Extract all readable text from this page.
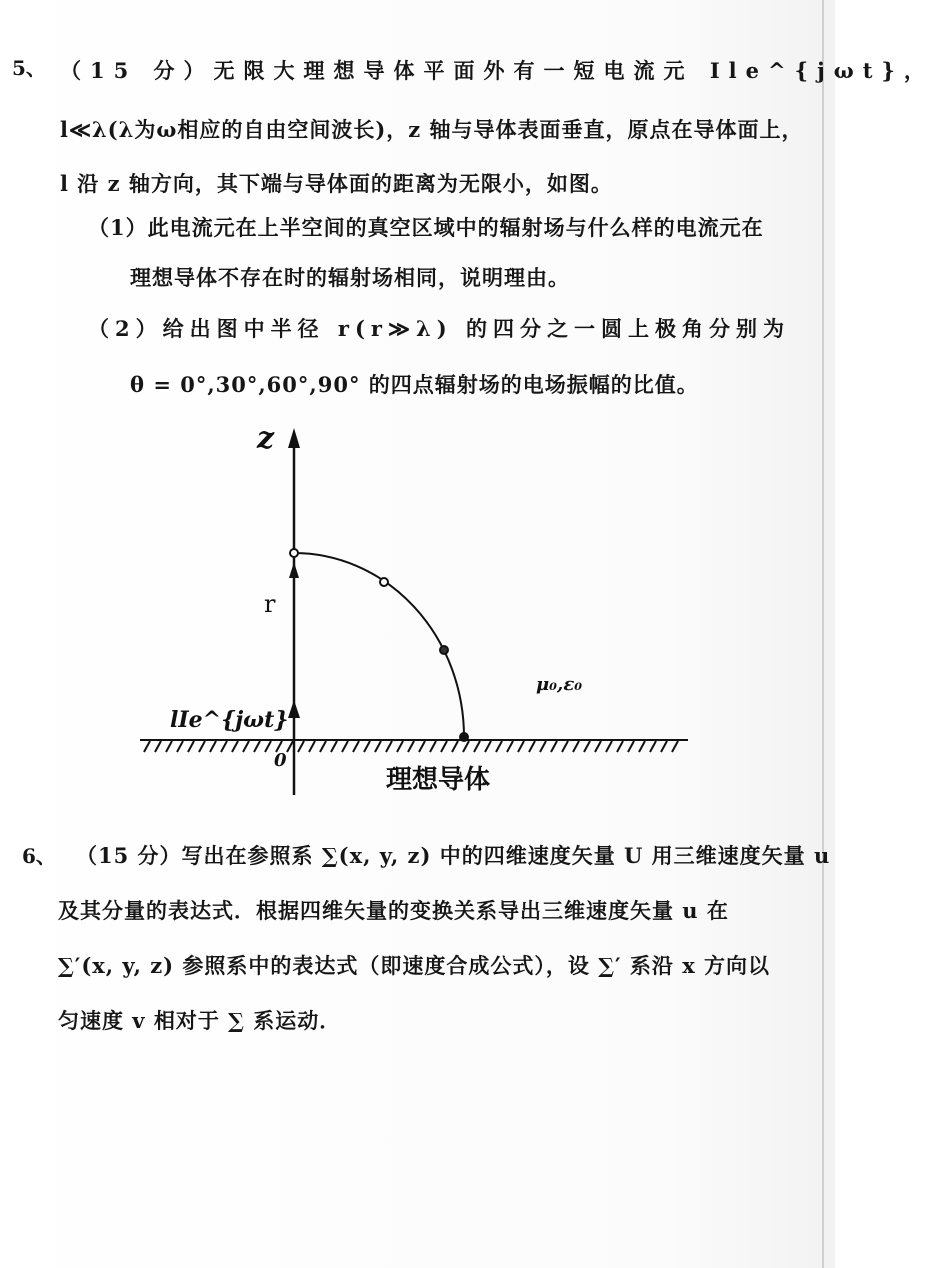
5、 （15 分）无限大理想导体平面外有一短电流元 Ile^{jωt}，
l≪λ(λ为ω相应的自由空间波长)，z 轴与导体表面垂直，原点在导体面上，
l 沿 z 轴方向，其下端与导体面的距离为无限小，如图。
（1）此电流元在上半空间的真空区域中的辐射场与什么样的电流元在
理想导体不存在时的辐射场相同，说明理由。
（2）给出图中半径 r(r≫λ) 的四分之一圆上极角分别为
θ = 0°,30°,60°,90° 的四点辐射场的电场振幅的比值。
z
r
lIe^{jωt}
0
μ₀,ε₀
理想导体
6、 （15 分）写出在参照系 ∑(x, y, z) 中的四维速度矢量 U 用三维速度矢量 u
及其分量的表达式．根据四维矢量的变换关系导出三维速度矢量 u 在
∑′(x, y, z) 参照系中的表达式（即速度合成公式），设 ∑′ 系沿 x 方向以
匀速度 v 相对于 ∑ 系运动．
